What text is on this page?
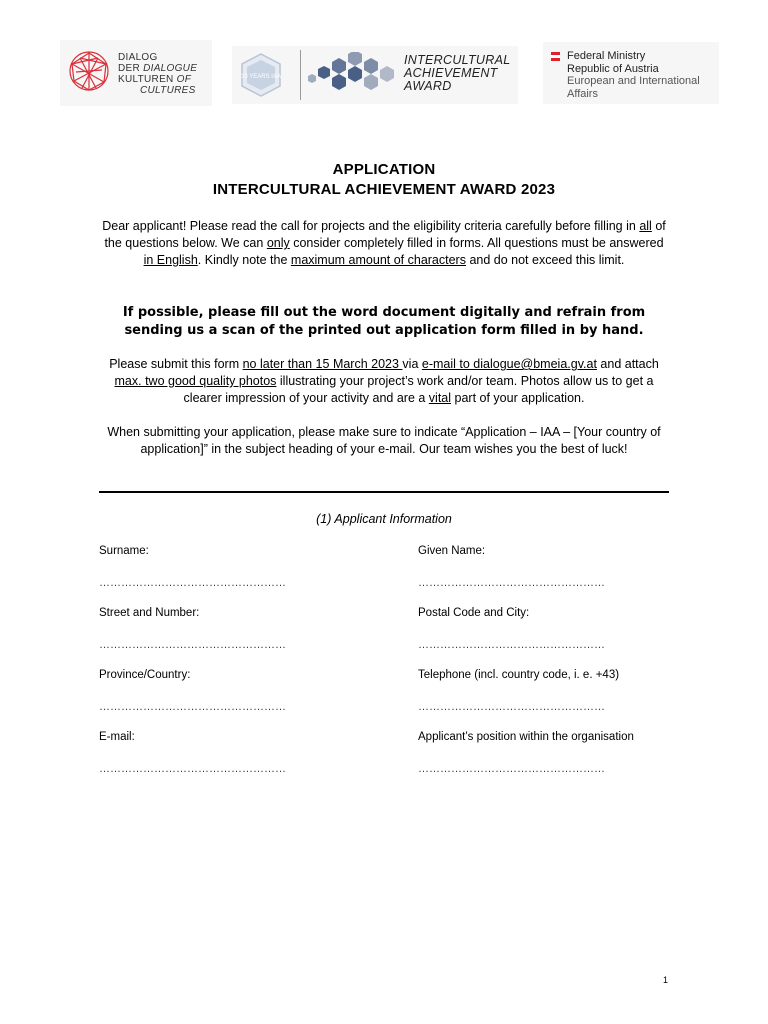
DIALOG
DER DIALOGUE
KULTUREN OF
CULTURES
10 YEARS IAA
INTERCULTURAL
ACHIEVEMENT
AWARD
Federal Ministry
Republic of Austria
European and International
Affairs
APPLICATION
INTERCULTURAL ACHIEVEMENT AWARD 2023
Dear applicant! Please read the call for projects and the eligibility criteria carefully before filling in all of the questions below. We can only consider completely filled in forms. All questions must be answered in English. Kindly note the maximum amount of characters and do not exceed this limit.
If possible, please fill out the word document digitally and refrain from sending us a scan of the printed out application form filled in by hand.
Please submit this form no later than 15 March 2023 via e-mail to dialogue@bmeia.gv.at and attach max. two good quality photos illustrating your project’s work and/or team. Photos allow us to get a clearer impression of your activity and are a vital part of your application.
When submitting your application, please make sure to indicate “Application – IAA – [Your country of application]” in the subject heading of your e-mail. Our team wishes you the best of luck!
(1) Applicant Information
Surname:
……………………………………………
Given Name:
……………………………………………
Street and Number:
……………………………………………
Postal Code and City:
……………………………………………
Province/Country:
……………………………………………
Telephone (incl. country code, i. e. +43)
……………………………………………
E-mail:
……………………………………………
Applicant’s position within the organisation
……………………………………………
1
